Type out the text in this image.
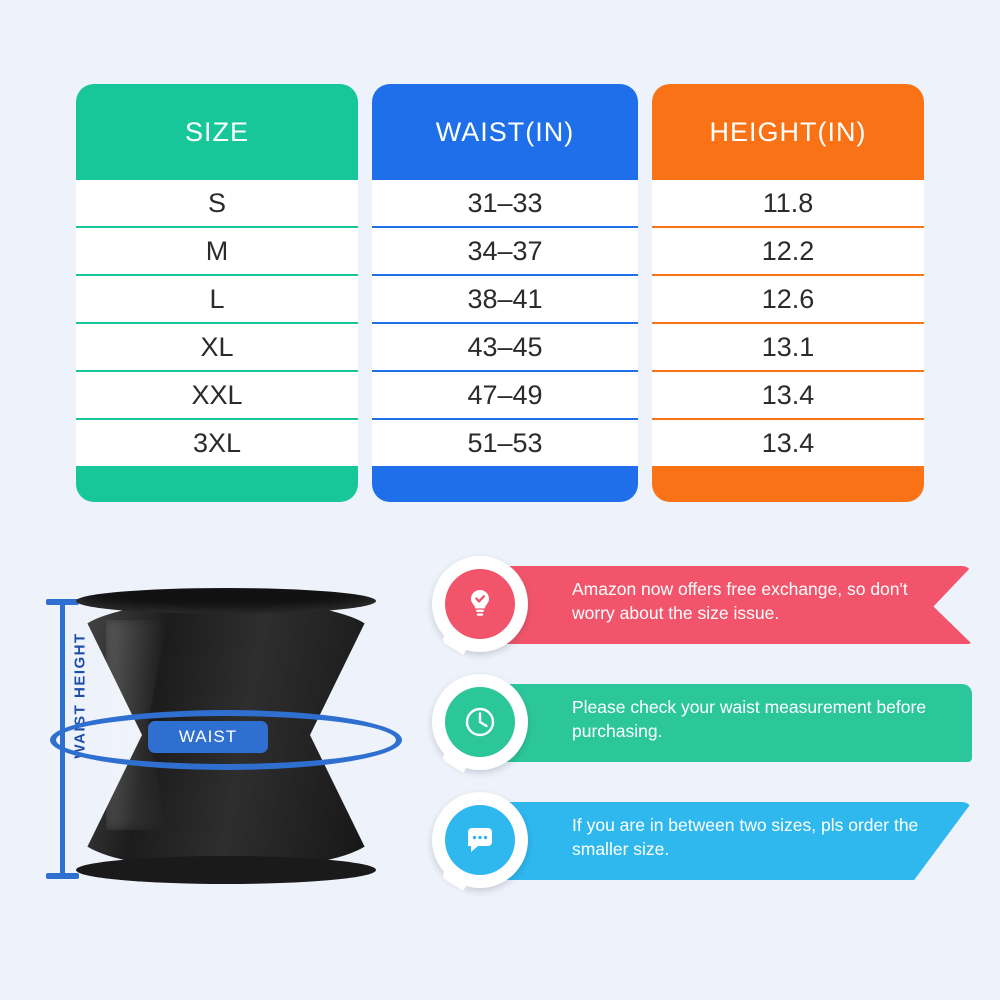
SIZE
S
M
L
XL
XXL
3XL
WAIST(IN)
31–33
34–37
38–41
43–45
47–49
51–53
HEIGHT(IN)
11.8
12.2
12.6
13.1
13.4
13.4
WAIST HEIGHT	WAIST
Amazon now offers free exchange, so don't worry about the size issue.
Please check your waist measurement before purchasing.
If you are in between two sizes, pls order the smaller size.
